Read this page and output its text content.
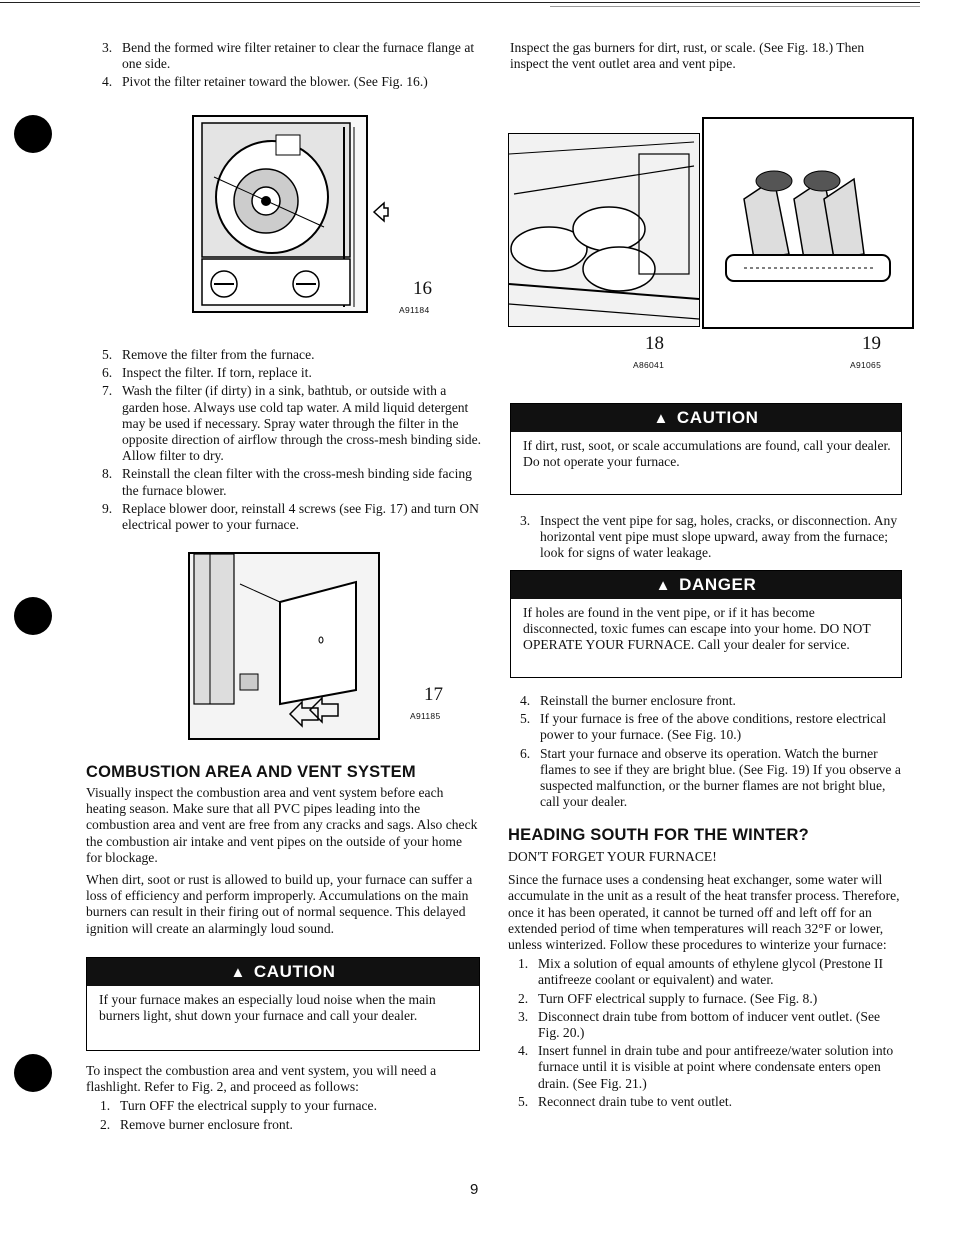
3. Bend the formed wire filter retainer to clear the furnace flange at one side.
4. Pivot the filter retainer toward the blower. (See Fig. 16.)

Inspect the gas burners for dirt, rust, or scale. (See Fig. 18.) Then inspect the vent outlet area and vent pipe.

16
A91184
18
A86041
19
A91065
5. Remove the filter from the furnace.
6. Inspect the filter. If torn, replace it.
7. Wash the filter (if dirty) in a sink, bathtub, or outside with a garden hose. Always use cold tap water. A mild liquid detergent may be used if necessary. Spray water through the filter in the opposite direction of airflow through the cross-mesh binding side. Allow filter to dry.
8. Reinstall the clean filter with the cross-mesh binding side facing the furnace blower.
9. Replace blower door, reinstall 4 screws (see Fig. 17) and turn ON electrical power to your furnace.
17
A91185
COMBUSTION AREA AND VENT SYSTEM

Visually inspect the combustion area and vent system before each heating season. Make sure that all PVC pipes leading into the combustion area and vent are free from any cracks and sags. Also check the combustion air intake and vent pipes on the outside of your home for blockage.

When dirt, soot or rust is allowed to build up, your furnace can suffer a loss of efficiency and perform improperly. Accumulations on the main burners can result in their firing out of normal sequence. This delayed ignition will create an alarmingly loud sound.

▲ CAUTION
If your furnace makes an especially loud noise when the main burners light, shut down your furnace and call your dealer.

To inspect the combustion area and vent system, you will need a flashlight. Refer to Fig. 2, and proceed as follows:

1. Turn OFF the electrical supply to your furnace.
2. Remove burner enclosure front.
▲ CAUTION
If dirt, rust, soot, or scale accumulations are found, call your dealer.
Do not operate your furnace.
3. Inspect the vent pipe for sag, holes, cracks, or disconnection. Any horizontal vent pipe must slope upward, away from the furnace; look for signs of water leakage.
▲ DANGER
If holes are found in the vent pipe, or if it has become disconnected, toxic fumes can escape into your home. DO NOT OPERATE YOUR FURNACE. Call your dealer for service.
4. Reinstall the burner enclosure front.
5. If your furnace is free of the above conditions, restore electrical power to your furnace. (See Fig. 10.)
6. Start your furnace and observe its operation. Watch the burner flames to see if they are bright blue. (See Fig. 19) If you observe a suspected malfunction, or the burner flames are not bright blue, call your dealer.
HEADING SOUTH FOR THE WINTER?

DON'T FORGET YOUR FURNACE!

Since the furnace uses a condensing heat exchanger, some water will accumulate in the unit as a result of the heat transfer process. Therefore, once it has been operated, it cannot be turned off and left off for an extended period of time when temperatures will reach 32°F or lower, unless winterized. Follow these procedures to winterize your furnace:

1. Mix a solution of equal amounts of ethylene glycol (Prestone II antifreeze coolant or equivalent) and water.
2. Turn OFF electrical supply to furnace. (See Fig. 8.)
3. Disconnect drain tube from bottom of inducer vent outlet. (See Fig. 20.)
4. Insert funnel in drain tube and pour antifreeze/water solution into furnace until it is visible at point where condensate enters open drain. (See Fig. 21.)
5. Reconnect drain tube to vent outlet.
9
